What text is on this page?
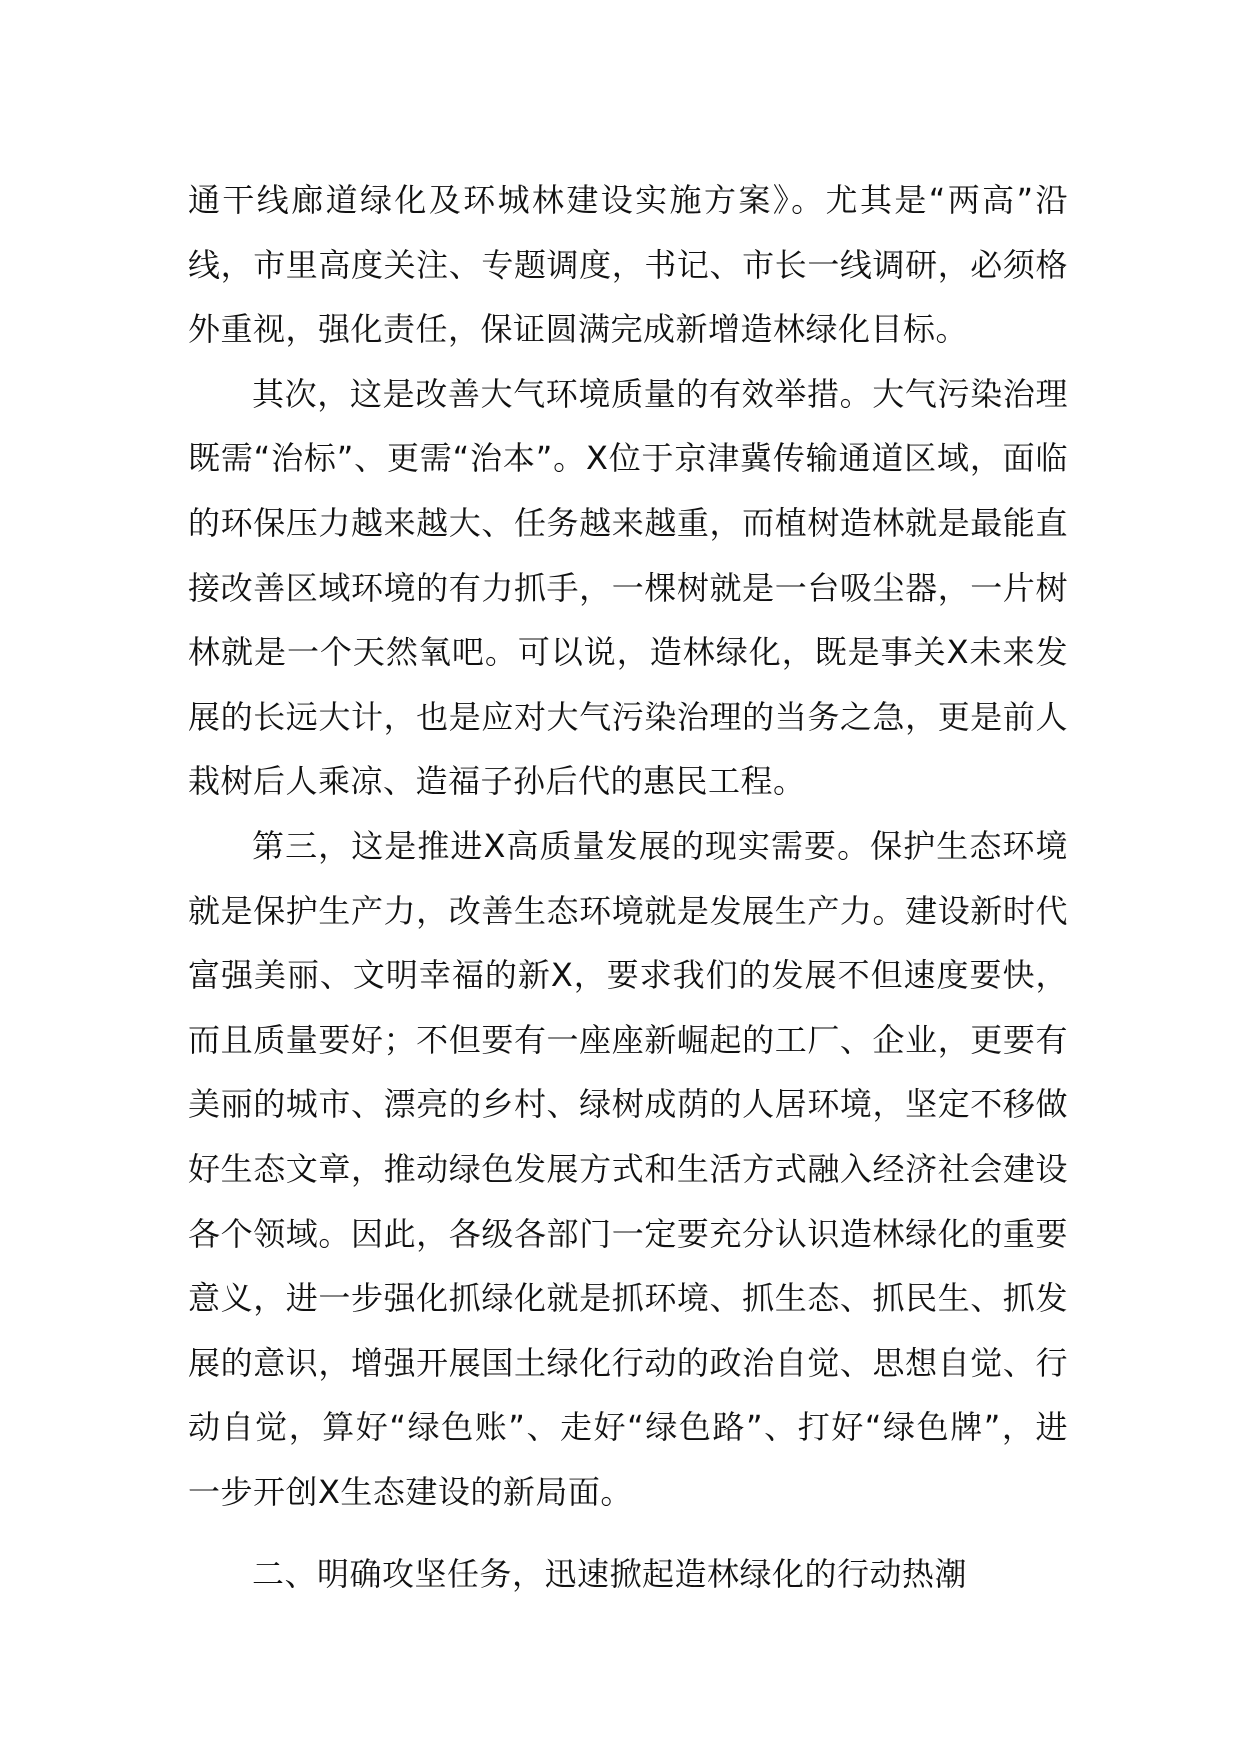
通干线廊道绿化及环城林建设实施方案》。尤其是“两高”沿线，市里高度关注、专题调度，书记、市长一线调研，必须格外重视，强化责任，保证圆满完成新增造林绿化目标。

其次，这是改善大气环境质量的有效举措。大气污染治理既需“治标”、更需“治本”。X位于京津冀传输通道区域，面临的环保压力越来越大、任务越来越重，而植树造林就是最能直接改善区域环境的有力抓手，一棵树就是一台吸尘器，一片树林就是一个天然氧吧。可以说，造林绿化，既是事关X未来发展的长远大计，也是应对大气污染治理的当务之急，更是前人栽树后人乘凉、造福子孙后代的惠民工程。

第三，这是推进X高质量发展的现实需要。保护生态环境就是保护生产力，改善生态环境就是发展生产力。建设新时代富强美丽、文明幸福的新X，要求我们的发展不但速度要快，而且质量要好；不但要有一座座新崛起的工厂、企业，更要有美丽的城市、漂亮的乡村、绿树成荫的人居环境，坚定不移做好生态文章，推动绿色发展方式和生活方式融入经济社会建设各个领域。因此，各级各部门一定要充分认识造林绿化的重要意义，进一步强化抓绿化就是抓环境、抓生态、抓民生、抓发展的意识，增强开展国土绿化行动的政治自觉、思想自觉、行动自觉，算好“绿色账”、走好“绿色路”、打好“绿色牌”，进一步开创X生态建设的新局面。

二、明确攻坚任务，迅速掀起造林绿化的行动热潮
